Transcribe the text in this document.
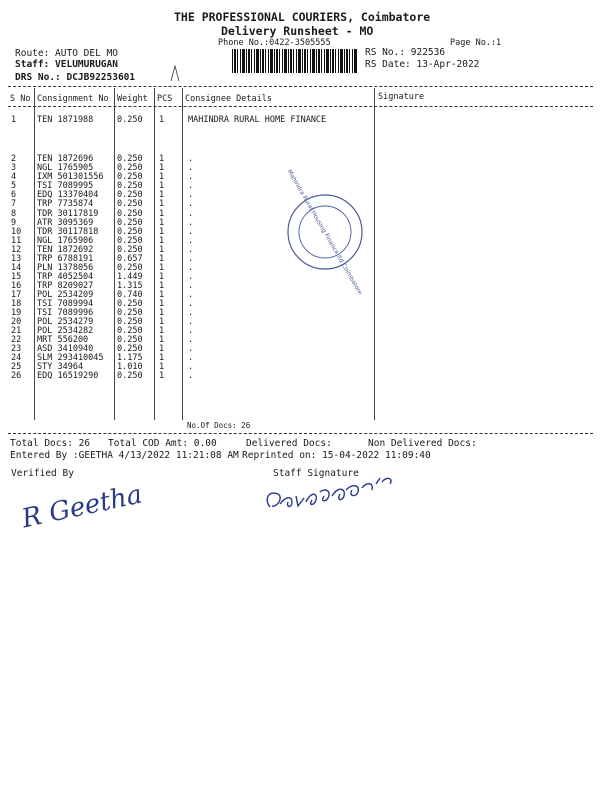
THE PROFESSIONAL COURIERS, Coimbatore
Delivery Runsheet - MO
Phone No.:0422-3505555	Page No.:1
Route: AUTO DEL MO
Staff: VELUMURUGAN
DRS No.: DCJB92253601
RS No.: 922536
RS Date: 13-Apr-2022
S No Consignment No Weight PCS Consignee Details	Signature
1 TEN 1871988	0.250 1	MAHINDRA RURAL HOME FINANCE
2 TEN 1872696	0.250 1	.
3 NGL 1765905	0.250 1	.
4 IXM 501301556 0.250 1	.
5 TSI 7089995	0.250 1	.
6 EDQ 13370404 0.250 1	.
7 TRP 7735874	0.250 1	.
8 TDR 30117819 0.250 1	.
9 ATR 3095369	0.250 1	.
10 TDR 30117818 0.250 1	.
11 NGL 1765906	0.250 1	.
12 TEN 1872692	0.250 1	.
13 TRP 6788191	0.657 1	.
14 PLN 1378056	0.250 1	.
15 TRP 4052504	1.449 1	.
16 TRP 8209027	1.315 1	.
17 POL 2534209	0.740 1	.
18 TSI 7089994	0.250 1	.
19 TSI 7089996	0.250 1	.
20 POL 2534279	0.250 1	.
21 POL 2534282	0.250 1	.
22 MRT 556200	0.250 1	.
23 ASD 3410940	0.250 1	.
24 SLM 293410045 1.175 1	.
25 STY 34964	1.010 1	.
26 EDQ 16519290 0.250 1	.
No.Of Docs: 26
Mahindra Rural Housing Finance ltd Coimbatore
Total Docs: 26 Total COD Amt: 0.00	Delivered Docs:	Non Delivered Docs:
Entered By :GEETHA 4/13/2022 11:21:08 AM Reprinted on: 15-04-2022 11:09:40
Verified By	Staff Signature
R Geetha
